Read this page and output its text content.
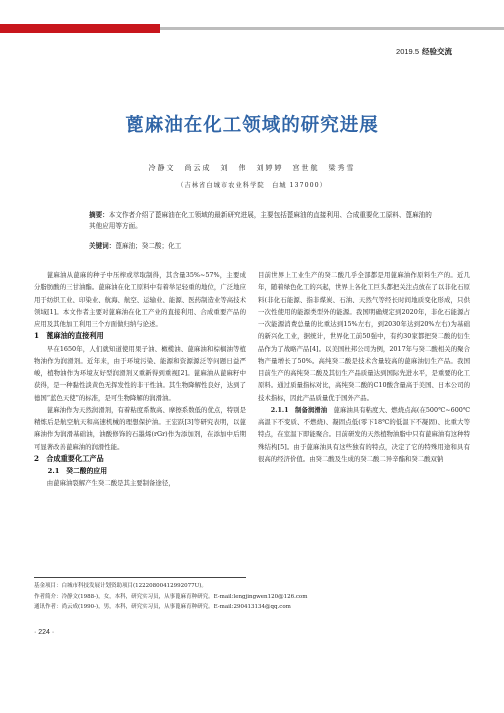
2019.5 经验交流
蓖麻油在化工领域的研究进展
冷静文　尚云成　刘　伟　刘婷婷　宫世航　梁秀雪
（吉林省白城市农业科学院　白城 137000）
摘要：本文作者介绍了蓖麻油在化工领域的最新研究进展，主要包括蓖麻油的直接利用、合成重要化工原料、蓖麻油的其他应用等方面。
关键词：蓖麻油；癸二酸；化工

蓖麻油从蓖麻的种子中压榨或萃取制得，其含量35%~57%，主要成分脂肪酸的三甘油酯。蓖麻油在化工原料中有着举足轻重的地位，广泛地应用于纺织工业、印染业、航海、航空、运输业、能源、医药制造业等高技术领域[1]。本文作者主要对蓖麻油在化工产业的直接利用、合成重要产品的应用及其他加工利用三个方面做归纳与论述。

1　蓖麻油的直接利用

早在1650年，人们就知道使用果子油、橄榄油、蓖麻油和棕榈油等植物油作为润滑剂。近年来，由于环境污染、能源和资源源泛等问题日益严峻，植物油作为环境友好型润滑剂又重新得到重视[2]。蓖麻油从蓖麻籽中获得，是一种黏性淡黄色无挥发性的非干性油。其生物降解性良好，达到了德国“蓝色天使”的标准，是可生物降解的润滑油。

蓖麻油作为天然润滑剂，有着粘度系数高、摩擦系数低的优点，特别是精炼后是航空航天和高速机械的理想保护油。王宏跃[3]等研究表明，以蓖麻油作为润滑基础油，油酸修饰的石墨烯(rGr)作为添加剂，在添加中后期可显著改善蓖麻油的润滑性能。

2　合成重要化工产品

2.1　癸二酸的应用

由蓖麻油裂解产生癸二酸是其主要制备途径，

目前世界上工业生产的癸二酸几乎全部都是用蓖麻油作原料生产的。近几年，随着绿色化工的兴起，世界上各化工巨头都把关注点放在了以非化石原料(非化石能源、指非煤炭、石油、天然气等经长时间地质变化形成，只供一次性使用的能源类型外的能源。我国明确规定到2020年，非化石能源占一次能源消费总量的比重达到15%左右，到2030年达到20%左右)为基础的新兴化工业，据统计，世界化工前50强中，有约30家都把癸二酸的衍生品作为了战略产品[4]。以美国杜邦公司为例，2017年与癸二酸相关的聚合物产量增长了50%。高纯癸二酸是技术含量较高的蓖麻油衍生产品。我国目前生产的高纯癸二酸及其衍生产品质量达到国际先进水平，是重要的化工原料。通过质量指标对比，高纯癸二酸的C10酸含量高于美国、日本公司的技术指标，因此产品质量优于国外产品。

2.1.1　制备润滑油　 蓖麻油具有粘度大、燃烧点高(在500℃~600℃高温下不变质、不燃烧)、凝固点低(零下18℃的低温下不凝固)、比重大等特点，在室温下即能聚合。目前研发的天然植物油脂中只有蓖麻油有这种特殊结构[5]。由于蓖麻油具有这些独有的特点，决定了它的特殊用途和具有很高的经济价值。由癸二酸及生成的癸二酸二异辛酯和癸二酸双钠

基金项目：白城市科技发展计划资助项目(12220800412992077U)。
作者简介：冷静文(1988-)，女，本科，研究实习员，从事蓖麻育种研究。E-mail:lengjingwen120@126.com
通讯作者：尚云成(1990-)，男，本科，研究实习员，从事蓖麻育种研究。E-mail:290413134@qq.com
· 224 ·
